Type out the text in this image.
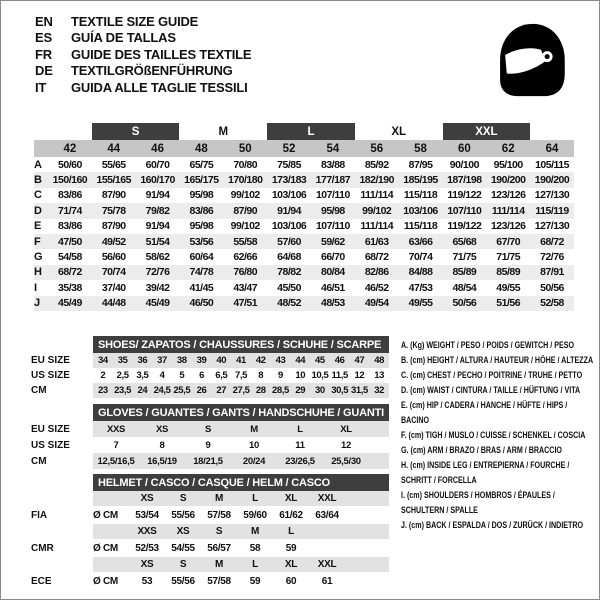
EN	TEXTILE SIZE GUIDE
ES	GUÍA DE TALLAS
FR	GUIDE DES TAILLES TEXTILE
DE	TEXTILGRÖßENFÜHRUNG
IT	GUIDA ALLE TAGLIE TESSILI
S	M	L	XL	XXL
42	44	46	48	50	52	54	56	58	60	62	64
A	50/60	55/65	60/70	65/75	70/80	75/85	83/88	85/92	87/95	90/100	95/100	105/115
B	150/160 155/165 160/170 165/175 170/180 173/183 177/187 182/190 185/195 187/198 190/200 190/200
C	83/86	87/90	91/94	95/98	99/102	103/106 107/110	111/114	115/118 119/122 123/126 127/130
D	71/74	75/78	79/82	83/86	87/90	91/94	95/98	99/102	103/106 107/110	111/114	115/119
E	83/86	87/90	91/94	95/98	99/102	103/106 107/110	111/114	115/118 119/122 123/126 127/130
F	47/50	49/52	51/54	53/56	55/58	57/60	59/62	61/63	63/66	65/68	67/70	68/72
G	54/58	56/60	58/62	60/64	62/66	64/68	66/70	68/72	70/74	71/75	71/75	72/76
H	68/72	70/74	72/76	74/78	76/80	78/82	80/84	82/86	84/88	85/89	85/89	87/91
I	35/38	37/40	39/42	41/45	43/47	45/50	46/51	46/52	47/53	48/54	49/55	50/56
J	45/49	44/48	45/49	46/50	47/51	48/52	48/53	49/54	49/55	50/56	51/56	52/58
SHOES/ ZAPATOS / CHAUSSURES / SCHUHE / SCARPE
EU SIZE	34	35	36	37	38	39	40	41	42	43	44	45	46	47	48
US SIZE	2	2,5 3,5	4	5	6	6,5 7,5	8	9	10 10,5 11,5 12	13
CM	23 23,5 24 24,5 25,5 26	27 27,5 28 28,5 29	30 30,5 31,5 32
GLOVES / GUANTES / GANTS / HANDSCHUHE / GUANTI
EU SIZE	XXS	XS	S	M	L	XL
US SIZE	7	8	9	10	11	12
CM	12,5/16,5	16,5/19	18/21,5	20/24	23/26,5	25,5/30
HELMET / CASCO / CASQUE / HELM / CASCO
XS	S	M	L	XL	XXL
FIA	Ø CM	53/54	55/56	57/58	59/60	61/62	63/64
XXS	XS	S	M	L
CMR	Ø CM	52/53	54/55	56/57	58	59
XS	S	M	L	XL	XXL
ECE	Ø CM	53	55/56	57/58	59	60	61
A. (Kg) WEIGHT / PESO / POIDS / GEWITCH / PESO
B. (cm) HEIGHT / ALTURA / HAUTEUR / HÖHE / ALTEZZA
C. (cm) CHEST / PECHO / POITRINE / TRUHE / PETTO
D. (cm) WAIST / CINTURA / TAILLE / HÜFTUNG / VITA
E. (cm) HIP / CADERA / HANCHE / HÜFTE / HIPS / BACINO
F. (cm) TIGH / MUSLO / CUISSE / SCHENKEL / COSCIA
G. (cm) ARM / BRAZO / BRAS / ARM / BRACCIO
H. (cm) INSIDE LEG / ENTREPIERNA / FOURCHE / SCHRITT / FORCELLA
I. (cm) SHOULDERS / HOMBROS / ÉPAULES / SCHULTERN / SPALLE
J. (cm) BACK / ESPALDA / DOS / ZURÜCK / INDIETRO
